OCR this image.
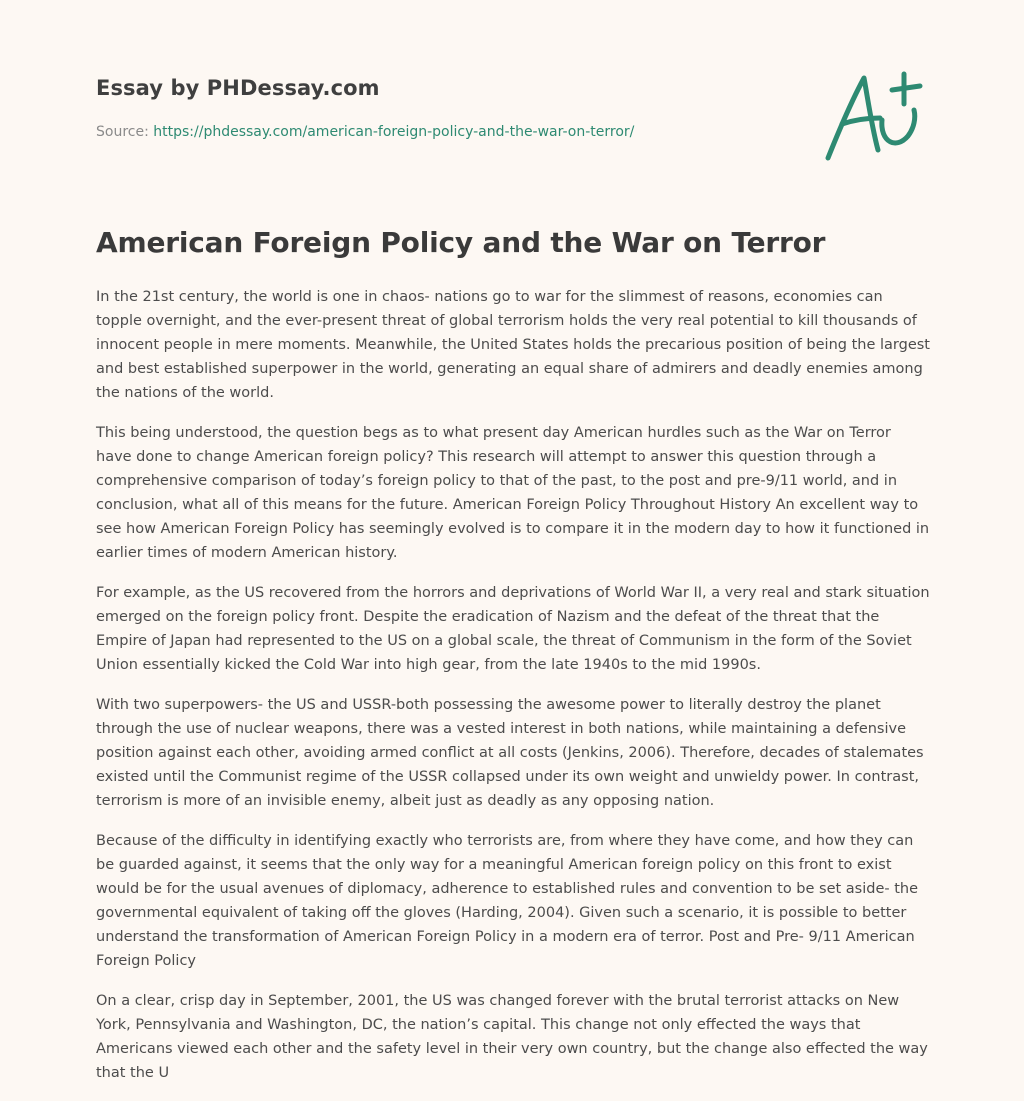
Essay by PHDessay.com
Source: https://phdessay.com/american-foreign-policy-and-the-war-on-terror/
American Foreign Policy and the War on Terror

In the 21st century, the world is one in chaos- nations go to war for the slimmest of reasons, economies can topple overnight, and the ever-present threat of global terrorism holds the very real potential to kill thousands of innocent people in mere moments. Meanwhile, the United States holds the precarious position of being the largest and best established superpower in the world, generating an equal share of admirers and deadly enemies among the nations of the world.

This being understood, the question begs as to what present day American hurdles such as the War on Terror have done to change American foreign policy? This research will attempt to answer this question through a comprehensive comparison of today’s foreign policy to that of the past, to the post and pre-9/11 world, and in conclusion, what all of this means for the future. American Foreign Policy Throughout History An excellent way to see how American Foreign Policy has seemingly evolved is to compare it in the modern day to how it functioned in earlier times of modern American history.

For example, as the US recovered from the horrors and deprivations of World War II, a very real and stark situation emerged on the foreign policy front. Despite the eradication of Nazism and the defeat of the threat that the Empire of Japan had represented to the US on a global scale, the threat of Communism in the form of the Soviet Union essentially kicked the Cold War into high gear, from the late 1940s to the mid 1990s.

With two superpowers- the US and USSR-both possessing the awesome power to literally destroy the planet through the use of nuclear weapons, there was a vested interest in both nations, while maintaining a defensive position against each other, avoiding armed conflict at all costs (Jenkins, 2006). Therefore, decades of stalemates existed until the Communist regime of the USSR collapsed under its own weight and unwieldy power. In contrast, terrorism is more of an invisible enemy, albeit just as deadly as any opposing nation.

Because of the difficulty in identifying exactly who terrorists are, from where they have come, and how they can be guarded against, it seems that the only way for a meaningful American foreign policy on this front to exist would be for the usual avenues of diplomacy, adherence to established rules and convention to be set aside- the governmental equivalent of taking off the gloves (Harding, 2004). Given such a scenario, it is possible to better understand the transformation of American Foreign Policy in a modern era of terror. Post and Pre- 9/11 American Foreign Policy

On a clear, crisp day in September, 2001, the US was changed forever with the brutal terrorist attacks on New York, Pennsylvania and Washington, DC, the nation’s capital. This change not only effected the ways that Americans viewed each other and the safety level in their very own country, but the change also effected the way that the U
